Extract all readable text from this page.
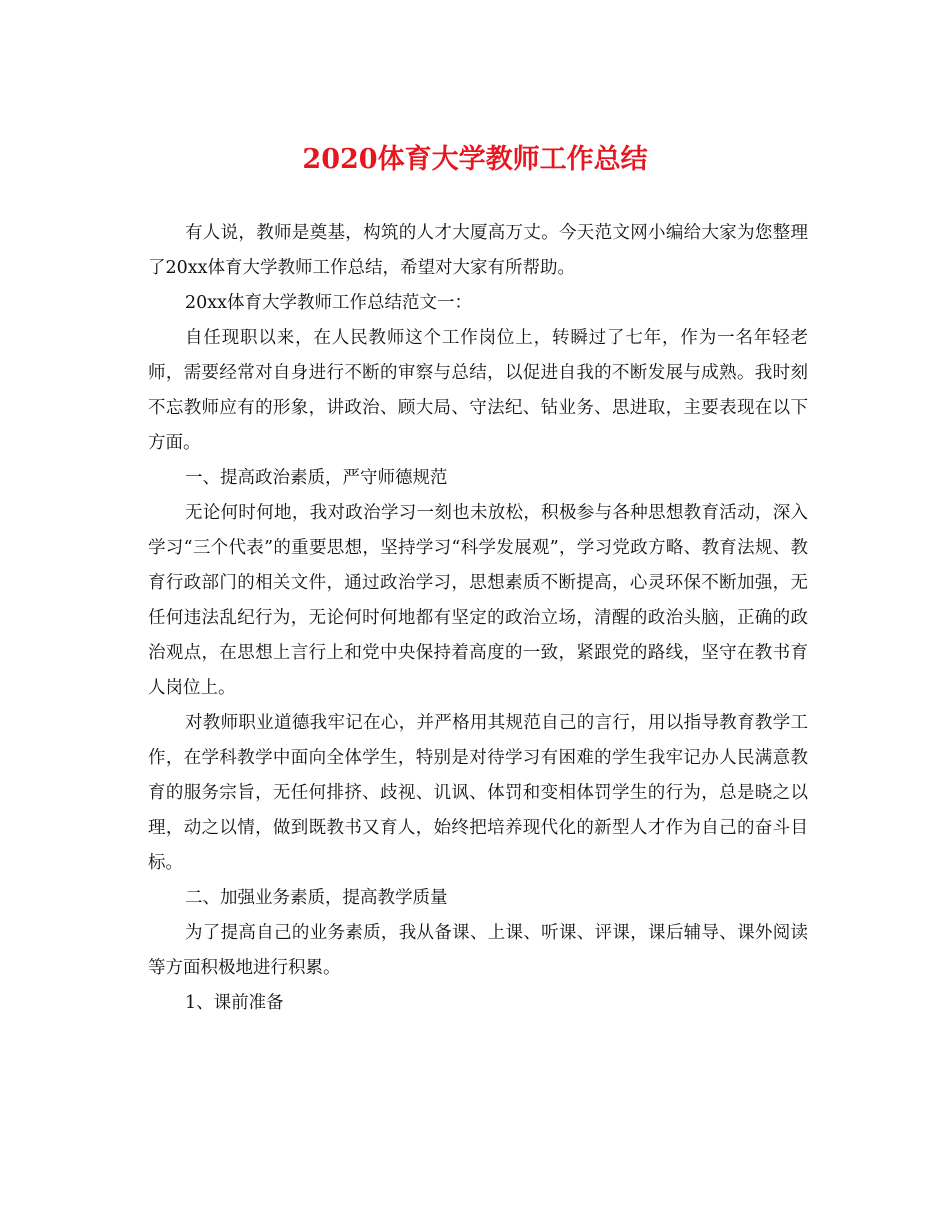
2020体育大学教师工作总结

有人说，教师是奠基，构筑的人才大厦高万丈。今天范文网小编给大家为您整理了20xx体育大学教师工作总结，希望对大家有所帮助。

20xx体育大学教师工作总结范文一：

自任现职以来，在人民教师这个工作岗位上，转瞬过了七年，作为一名年轻老师，需要经常对自身进行不断的审察与总结，以促进自我的不断发展与成熟。我时刻不忘教师应有的形象，讲政治、顾大局、守法纪、钻业务、思进取，主要表现在以下方面。

一、提高政治素质，严守师德规范

无论何时何地，我对政治学习一刻也未放松，积极参与各种思想教育活动，深入学习“三个代表”的重要思想，坚持学习“科学发展观”，学习党政方略、教育法规、教育行政部门的相关文件，通过政治学习，思想素质不断提高，心灵环保不断加强，无任何违法乱纪行为，无论何时何地都有坚定的政治立场，清醒的政治头脑，正确的政治观点，在思想上言行上和党中央保持着高度的一致，紧跟党的路线，坚守在教书育人岗位上。

对教师职业道德我牢记在心，并严格用其规范自己的言行，用以指导教育教学工作，在学科教学中面向全体学生，特别是对待学习有困难的学生我牢记办人民满意教育的服务宗旨，无任何排挤、歧视、讥讽、体罚和变相体罚学生的行为，总是晓之以理，动之以情，做到既教书又育人，始终把培养现代化的新型人才作为自己的奋斗目标。

二、加强业务素质，提高教学质量

为了提高自己的业务素质，我从备课、上课、听课、评课，课后辅导、课外阅读等方面积极地进行积累。

1、课前准备
